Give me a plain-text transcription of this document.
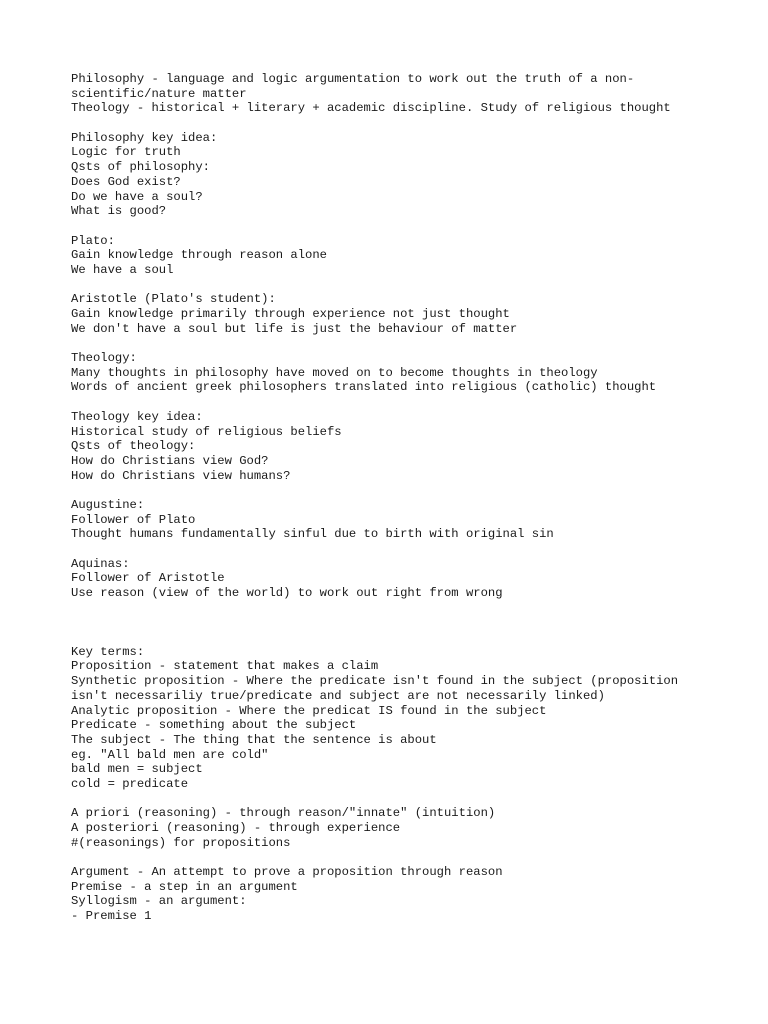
Philosophy - language and logic argumentation to work out the truth of a non-
scientific/nature matter
Theology - historical + literary + academic discipline. Study of religious thought
Philosophy key idea:
Logic for truth
Qsts of philosophy:
Does God exist?
Do we have a soul?
What is good?
Plato:
Gain knowledge through reason alone
We have a soul
Aristotle (Plato's student):
Gain knowledge primarily through experience not just thought
We don't have a soul but life is just the behaviour of matter
Theology:
Many thoughts in philosophy have moved on to become thoughts in theology
Words of ancient greek philosophers translated into religious (catholic) thought
Theology key idea:
Historical study of religious beliefs
Qsts of theology:
How do Christians view God?
How do Christians view humans?
Augustine:
Follower of Plato
Thought humans fundamentally sinful due to birth with original sin
Aquinas:
Follower of Aristotle
Use reason (view of the world) to work out right from wrong
Key terms:
Proposition - statement that makes a claim
Synthetic proposition - Where the predicate isn't found in the subject (proposition
isn't necessariliy true/predicate and subject are not necessarily linked)
Analytic proposition - Where the predicat IS found in the subject
Predicate - something about the subject
The subject - The thing that the sentence is about
eg. "All bald men are cold"
bald men = subject
cold = predicate
A priori (reasoning) - through reason/"innate" (intuition)
A posteriori (reasoning) - through experience
#(reasonings) for propositions
Argument - An attempt to prove a proposition through reason
Premise - a step in an argument
Syllogism - an argument:
- Premise 1
